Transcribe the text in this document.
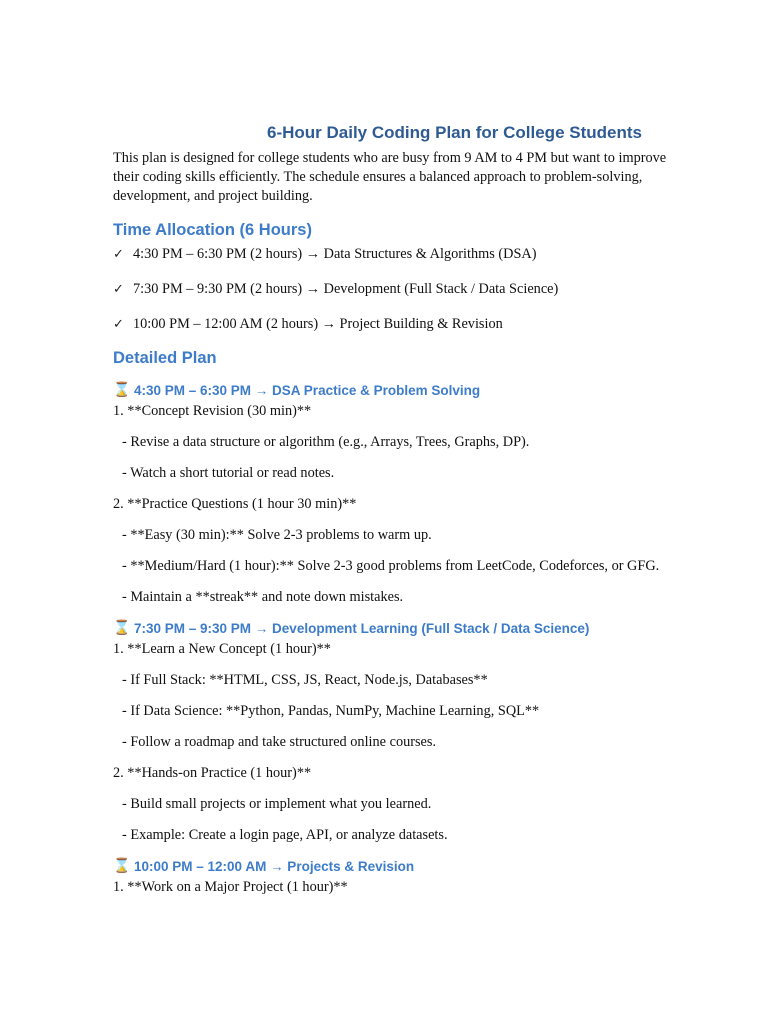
6-Hour Daily Coding Plan for College Students

This plan is designed for college students who are busy from 9 AM to 4 PM but want to improve their coding skills efficiently. The schedule ensures a balanced approach to problem-solving, development, and project building.

Time Allocation (6 Hours)
✓ 4:30 PM – 6:30 PM (2 hours) → Data Structures & Algorithms (DSA)
✓ 7:30 PM – 9:30 PM (2 hours) → Development (Full Stack / Data Science)
✓ 10:00 PM – 12:00 AM (2 hours) → Project Building & Revision
Detailed Plan
⌛ 4:30 PM – 6:30 PM → DSA Practice & Problem Solving

1. **Concept Revision (30 min)**

- Revise a data structure or algorithm (e.g., Arrays, Trees, Graphs, DP).

- Watch a short tutorial or read notes.

2. **Practice Questions (1 hour 30 min)**

- **Easy (30 min):** Solve 2-3 problems to warm up.

- **Medium/Hard (1 hour):** Solve 2-3 good problems from LeetCode, Codeforces, or GFG.

- Maintain a **streak** and note down mistakes.

⌛ 7:30 PM – 9:30 PM → Development Learning (Full Stack / Data Science)

1. **Learn a New Concept (1 hour)**

- If Full Stack: **HTML, CSS, JS, React, Node.js, Databases**

- If Data Science: **Python, Pandas, NumPy, Machine Learning, SQL**

- Follow a roadmap and take structured online courses.

2. **Hands-on Practice (1 hour)**

- Build small projects or implement what you learned.

- Example: Create a login page, API, or analyze datasets.

⌛ 10:00 PM – 12:00 AM → Projects & Revision

1. **Work on a Major Project (1 hour)**
